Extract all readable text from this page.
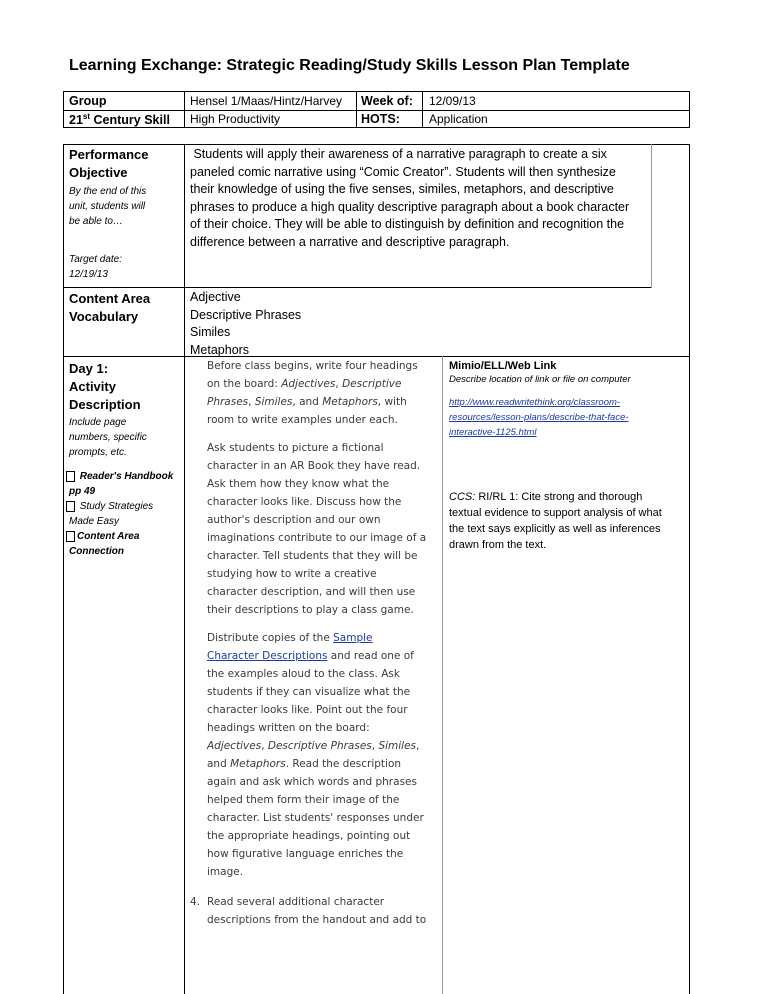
Learning Exchange: Strategic Reading/Study Skills Lesson Plan Template
Group	Hensel 1/Maas/Hintz/Harvey Week of: 12/09/13
21st Century Skill High Productivity	HOTS: Application
Performance
Objective
By the end of this
unit, students will
be able to…
Target date:
12/19/13
Students will apply their awareness of a narrative paragraph to create a six
paneled comic narrative using “Comic Creator”. Students will then synthesize
their knowledge of using the five senses, similes, metaphors, and descriptive
phrases to produce a high quality descriptive paragraph about a book character
of their choice. They will be able to distinguish by definition and recognition the
difference between a narrative and descriptive paragraph.
Content Area
Vocabulary
Adjective
Descriptive Phrases
Similes
Metaphors
Day 1:
Activity
Description
Include page
numbers, specific
prompts, etc.
Reader's Handbook
pp 49
Study Strategies
Made Easy
Content Area
Connection
Before class begins, write four headings
on the board: Adjectives, Descriptive
Phrases, Similes, and Metaphors, with
room to write examples under each.
Ask students to picture a fictional
character in an AR Book they have read.
Ask them how they know what the
character looks like. Discuss how the
author's description and our own
imaginations contribute to our image of a
character. Tell students that they will be
studying how to write a creative
character description, and will then use
their descriptions to play a class game.
Distribute copies of the Sample
Character Descriptions and read one of
the examples aloud to the class. Ask
students if they can visualize what the
character looks like. Point out the four
headings written on the board:
Adjectives, Descriptive Phrases, Similes,
and Metaphors. Read the description
again and ask which words and phrases
helped them form their image of the
character. List students' responses under
the appropriate headings, pointing out
how figurative language enriches the
image.
4. Read several additional character
descriptions from the handout and add to
Mimio/ELL/Web Link
Describe location of link or file on computer
http://www.readwritethink.org/classroom-
resources/lesson-plans/describe-that-face-
interactive-1125.html
CCS: RI/RL 1: Cite strong and thorough
textual evidence to support analysis of what
the text says explicitly as well as inferences
drawn from the text.
